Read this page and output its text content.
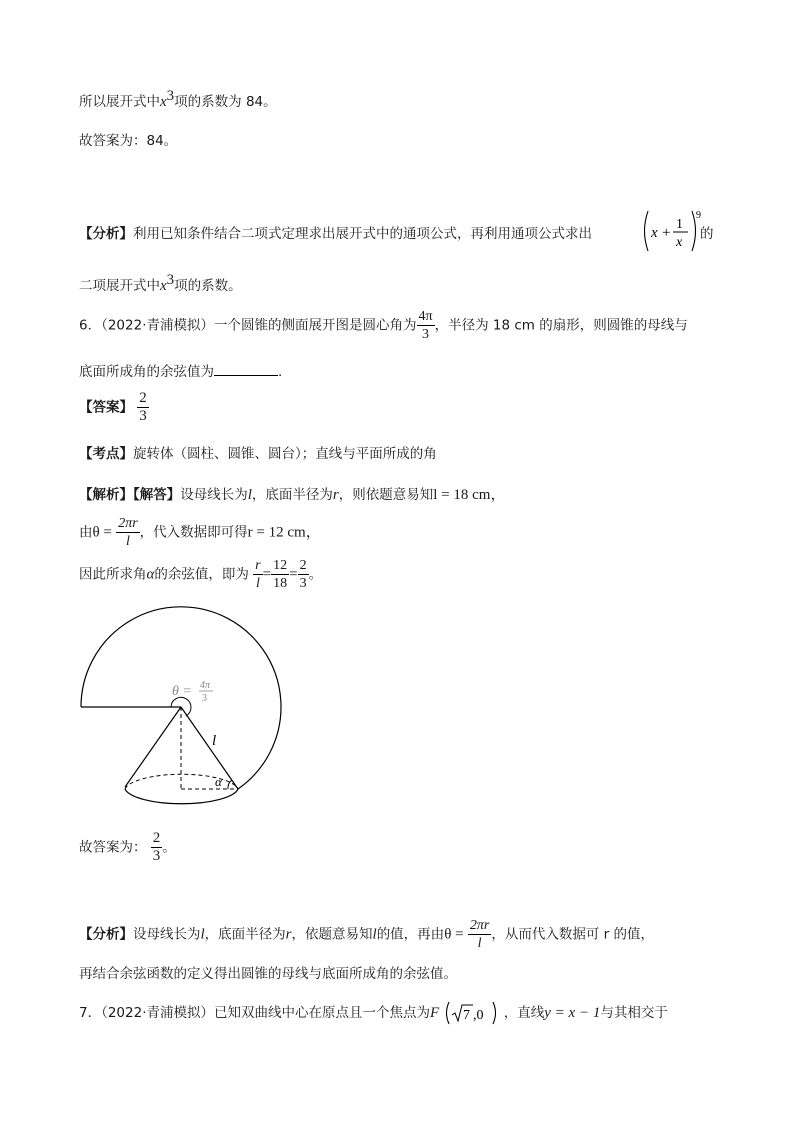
所以展开式中$x^3$项的系数为 84。
故答案为：84。
【分析】利用已知条件结合二项式定理求出展开式中的通项公式，再利用通项公式求出	x +
1
x
9
的
二项展开式中$x^3$项的系数。
6．（2022·青浦模拟）一个圆锥的侧面展开图是圆心角为 $\frac{4\pi}{3}$ ，半径为 18 cm 的扇形，则圆锥的母线与
底面所成角的余弦值为	.
【答案】 $\frac{2}{3}$
【考点】旋转体（圆柱、圆锥、圆台）；直线与平面所成的角
【解析】【解答】设母线长为l，底面半径为r，则依题意易知l = 18 cm，
由$\theta = \frac{2\pi r}{l}$ ，代入数据即可得r = 12 cm，
因此所求角α的余弦值，即为 $\frac{r}{l} = \frac{12}{18} = \frac{2}{3}$ 。
θ = 4π
3
l
α
故答案为： $\frac{2}{3}$ 。
【分析】设母线长为l，底面半径为r，依题意易知l的值，再由$\theta = \frac{2\pi r}{l}$ ，从而代入数据可 r 的值，
再结合余弦函数的定义得出圆锥的母线与底面所成角的余弦值。
7．（2022·青浦模拟）已知双曲线中心在原点且一个焦点为F 7 ,0 ，直线y = x − 1与其相交于
